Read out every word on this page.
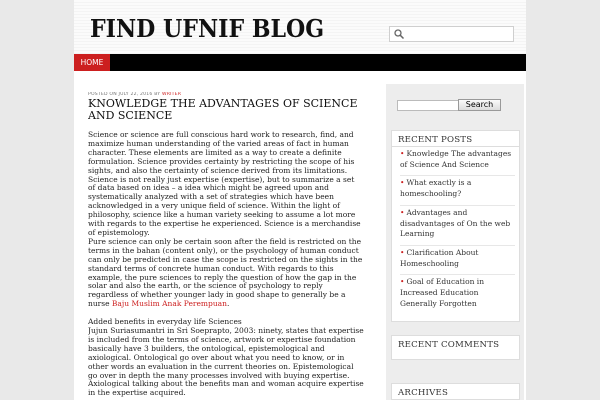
FIND UFNIF BLOG
HOME
POSTED ON JULY 22, 2016 BY WRITER
KNOWLEDGE THE ADVANTAGES OF SCIENCE AND SCIENCE

Science or science are full conscious hard work to research, find, and maximize human understanding of the varied areas of fact in human character. These elements are limited as a way to create a definite formulation. Science provides certainty by restricting the scope of his sights, and also the certainty of science derived from its limitations. Science is not really just expertise (expertise), but to summarize a set of data based on idea – a idea which might be agreed upon and systematically analyzed with a set of strategies which have been acknowledged in a very unique field of science. Within the light of philosophy, science like a human variety seeking to assume a lot more with regards to the expertise he experienced. Science is a merchandise of epistemology.

Pure science can only be certain soon after the field is restricted on the terms in the bahan (content only), or the psychology of human conduct can only be predicted in case the scope is restricted on the sights in the standard terms of concrete human conduct. With regards to this example, the pure sciences to reply the question of how the gap in the solar and also the earth, or the science of psychology to reply regardless of whether younger lady in good shape to generally be a nurse Baju Muslim Anak Perempuan.

Added benefits in everyday life Sciences

Jujun Suriasumantri in Sri Soeprapto, 2003: ninety, states that expertise is included from the terms of science, artwork or expertise foundation basically have 3 builders, the ontological, epistemological and axiological. Ontological go over about what you need to know, or in other words an evaluation in the current theories on. Epistemological go over in depth the many processes involved with buying expertise. Axiological talking about the benefits man and woman acquire expertise in the expertise acquired.

Search
RECENT POSTS
• Knowledge The advantages of Science And Science
• What exactly is a homeschooling?
• Advantages and disadvantages of On the web Learning
• Clarification About Homeschooling
• Goal of Education in Increased Education Generally Forgotten
RECENT COMMENTS
ARCHIVES
